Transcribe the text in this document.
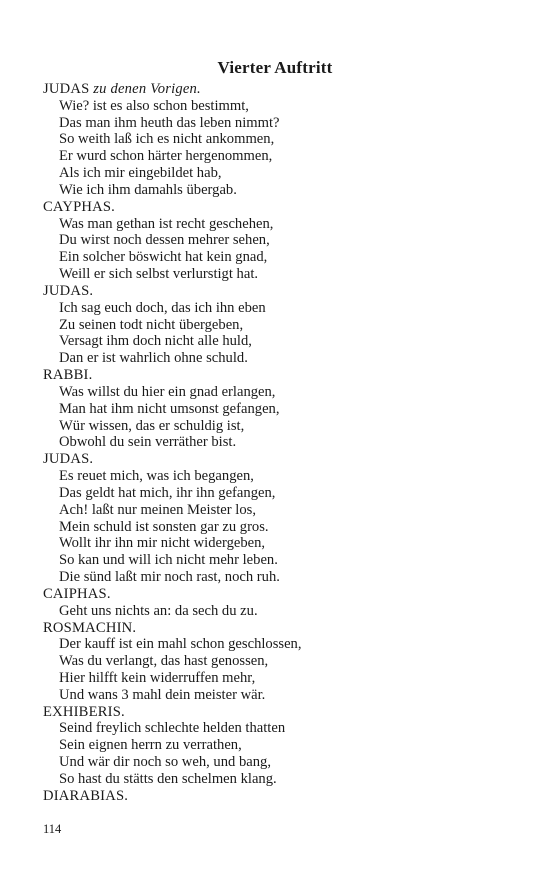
Vierter Auftritt
JUDAS zu denen Vorigen.
Wie? ist es also schon bestimmt,
Das man ihm heuth das leben nimmt?
So weith laß ich es nicht ankommen,
Er wurd schon härter hergenommen,
Als ich mir eingebildet hab,
Wie ich ihm damahls übergab.
CAYPHAS.
Was man gethan ist recht geschehen,
Du wirst noch dessen mehrer sehen,
Ein solcher böswicht hat kein gnad,
Weill er sich selbst verlurstigt hat.
JUDAS.
Ich sag euch doch, das ich ihn eben
Zu seinen todt nicht übergeben,
Versagt ihm doch nicht alle huld,
Dan er ist wahrlich ohne schuld.
RABBI.
Was willst du hier ein gnad erlangen,
Man hat ihm nicht umsonst gefangen,
Wür wissen, das er schuldig ist,
Obwohl du sein verräther bist.
JUDAS.
Es reuet mich, was ich begangen,
Das geldt hat mich, ihr ihn gefangen,
Ach! laßt nur meinen Meister los,
Mein schuld ist sonsten gar zu gros.
Wollt ihr ihn mir nicht widergeben,
So kan und will ich nicht mehr leben.
Die sünd laßt mir noch rast, noch ruh.
CAIPHAS.
Geht uns nichts an: da sech du zu.
ROSMACHIN.
Der kauff ist ein mahl schon geschlossen,
Was du verlangt, das hast genossen,
Hier hilfft kein widerruffen mehr,
Und wans 3 mahl dein meister wär.
EXHIBERIS.
Seind freylich schlechte helden thatten
Sein eignen herrn zu verrathen,
Und wär dir noch so weh, und bang,
So hast du stätts den schelmen klang.
DIARABIAS.
114
